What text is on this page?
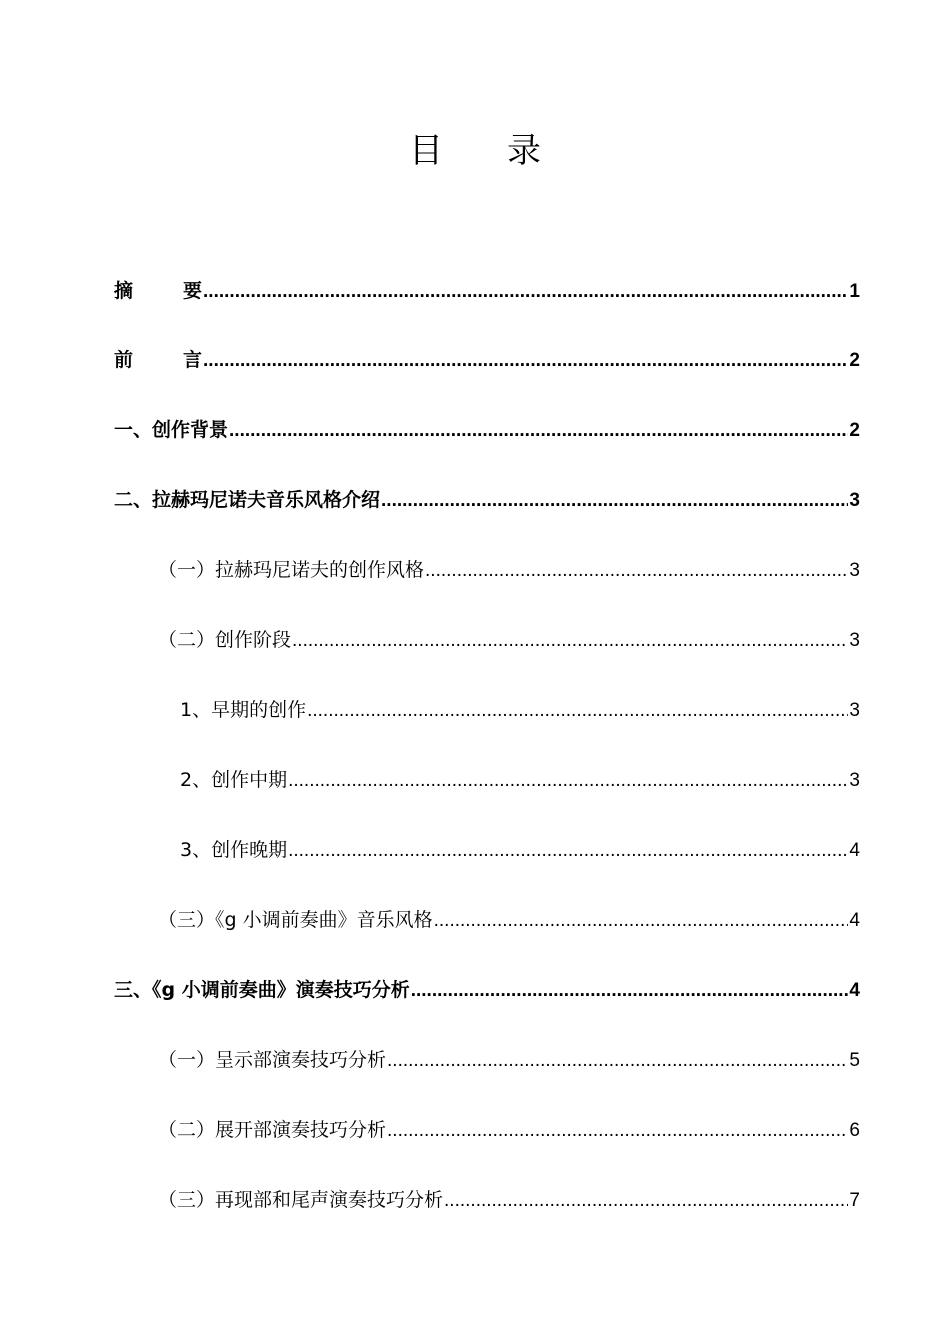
目 录
摘	要 .....	1
前	言 .....	2
一、创作背景 .....	2
二、拉赫玛尼诺夫音乐风格介绍 .....	3
（一）拉赫玛尼诺夫的创作风格 .....	3
（二）创作阶段 .....	3
1、早期的创作 .....	3
2、创作中期 .....	3
3、创作晚期 .....	4
（三）《g 小调前奏曲》音乐风格 .....	4
三、《g 小调前奏曲》演奏技巧分析 .....	4
（一）呈示部演奏技巧分析 .....	5
（二）展开部演奏技巧分析 .....	6
（三）再现部和尾声演奏技巧分析 .....	7
